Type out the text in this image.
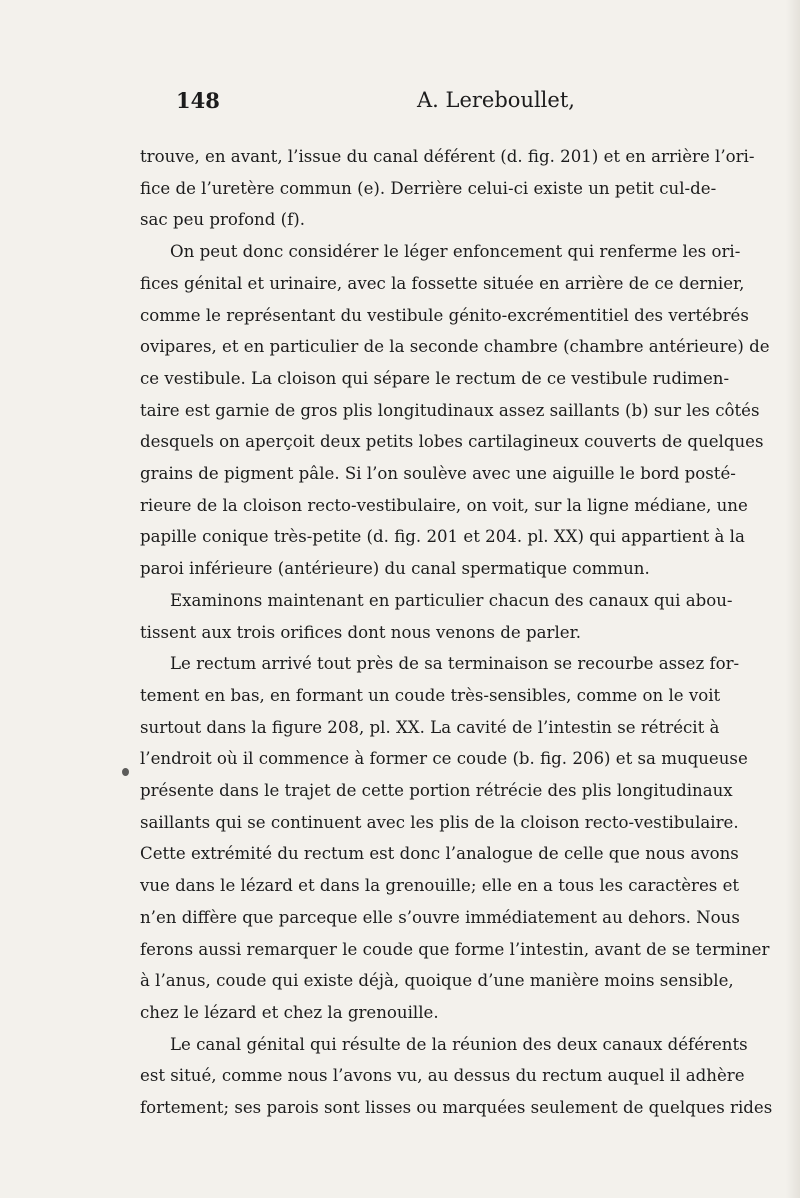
148	A. Lereboullet,
trouve, en avant, l’issue du canal déférent (d. fig. 201) et en arrière l’ori-
fice de l’uretère commun (e). Derrière celui-ci existe un petit cul-de-
sac peu profond (f).
On peut donc considérer le léger enfoncement qui renferme les ori-
fices génital et urinaire, avec la fossette située en arrière de ce dernier,
comme le représentant du vestibule génito-excrémentitiel des vertébrés
ovipares, et en particulier de la seconde chambre (chambre antérieure) de
ce vestibule. La cloison qui sépare le rectum de ce vestibule rudimen-
taire est garnie de gros plis longitudinaux assez saillants (b) sur les côtés
desquels on aperçoit deux petits lobes cartilagineux couverts de quelques
grains de pigment pâle. Si l’on soulève avec une aiguille le bord posté-
rieure de la cloison recto-vestibulaire, on voit, sur la ligne médiane, une
papille conique très-petite (d. fig. 201 et 204. pl. XX) qui appartient à la
paroi inférieure (antérieure) du canal spermatique commun.
Examinons maintenant en particulier chacun des canaux qui abou-
tissent aux trois orifices dont nous venons de parler.
Le rectum arrivé tout près de sa terminaison se recourbe assez for-
tement en bas, en formant un coude très-sensibles, comme on le voit
surtout dans la figure 208, pl. XX. La cavité de l’intestin se rétrécit à
l’endroit où il commence à former ce coude (b. fig. 206) et sa muqueuse
présente dans le trajet de cette portion rétrécie des plis longitudinaux
saillants qui se continuent avec les plis de la cloison recto-vestibulaire.
Cette extrémité du rectum est donc l’analogue de celle que nous avons
vue dans le lézard et dans la grenouille; elle en a tous les caractères et
n’en diffère que parceque elle s’ouvre immédiatement au dehors. Nous
ferons aussi remarquer le coude que forme l’intestin, avant de se terminer
à l’anus, coude qui existe déjà, quoique d’une manière moins sensible,
chez le lézard et chez la grenouille.
Le canal génital qui résulte de la réunion des deux canaux déférents
est situé, comme nous l’avons vu, au dessus du rectum auquel il adhère
fortement; ses parois sont lisses ou marquées seulement de quelques rides
